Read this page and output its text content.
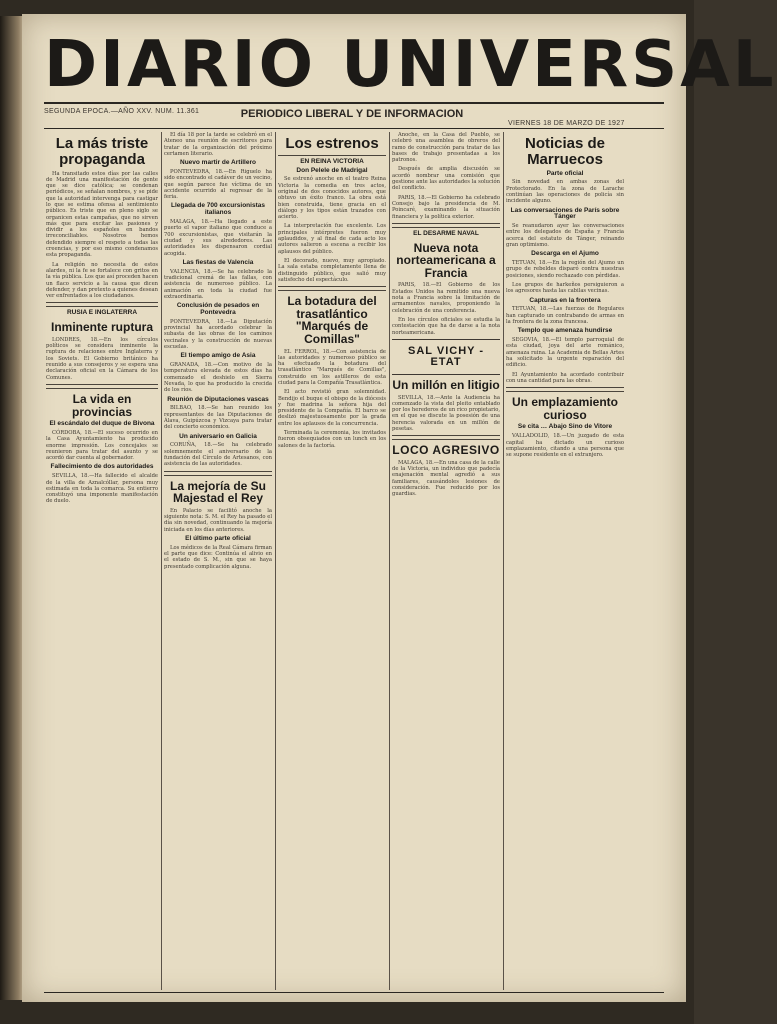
DIARIO UNIVERSAL
SEGUNDA EPOCA.—AÑO XXV. NUM. 11.361	PERIODICO LIBERAL Y DE INFORMACION
VIERNES 18 DE MARZO DE 1927
La más triste propaganda

Ha transitado estos días por las calles de Madrid una manifestación de gente que se dice católica; se condenan periódicos, se señalan nombres, y se pide que la autoridad intervenga para castigar lo que se estima ofensa al sentimiento público. Es triste que en pleno siglo se organicen estas campañas, que no sirven más que para excitar las pasiones y dividir a los españoles en bandos irreconciliables. Nosotros hemos defendido siempre el respeto a todas las creencias, y por eso mismo condenamos esta propaganda.

La religión no necesita de estos alardes, ni la fe se fortalece con gritos en la vía pública. Los que así proceden hacen un flaco servicio a la causa que dicen defender, y dan pretexto a quienes desean ver enfrentados a los ciudadanos.

RUSIA E INGLATERRA
Inminente ruptura

LONDRES, 18.—En los círculos políticos se considera inminente la ruptura de relaciones entre Inglaterra y los Soviets. El Gobierno británico ha reunido a sus consejeros y se espera una declaración oficial en la Cámara de los Comunes.

La vida en provincias
El escándalo del duque de Bivona

CÓRDOBA, 18.—El suceso ocurrido en la Casa Ayuntamiento ha producido enorme impresión. Los concejales se reunieron para tratar del asunto y se acordó dar cuenta al gobernador.

Fallecimiento de dos autoridades

SEVILLA, 18.—Ha fallecido el alcalde de la villa de Aznalcóllar, persona muy estimada en toda la comarca. Su entierro constituyó una imponente manifestación de duelo.

El día 18 por la tarde se celebró en el Ateneo una reunión de escritores para tratar de la organización del próximo certamen literario.

Nuevo martir de Artillero

PONTEVEDRA, 18.—En Riguelo ha sido encontrado el cadáver de un vecino, que según parece fue víctima de un accidente ocurrido al regresar de la feria.

Llegada de 700 excursionistas italianos

MALAGA, 18.—Ha llegado a este puerto el vapor italiano que conduce a 700 excursionistas, que visitarán la ciudad y sus alrededores. Las autoridades les dispensaron cordial acogida.

Las fiestas de Valencia

VALENCIA, 18.—Se ha celebrado la tradicional cremá de las fallas, con asistencia de numeroso público. La animación en toda la ciudad fue extraordinaria.

Conclusión de pesados en Pontevedra

PONTEVEDRA, 18.—La Diputación provincial ha acordado celebrar la subasta de las obras de los caminos vecinales y la construcción de nuevas escuelas.

El tiempo amigo de Asia

GRANADA, 18.—Con motivo de la temperatura elevada de estos días ha comenzado el deshielo en Sierra Nevada, lo que ha producido la crecida de los ríos.

Reunión de Diputaciones vascas

BILBAO, 18.—Se han reunido los representantes de las Diputaciones de Álava, Guipúzcoa y Vizcaya para tratar del concierto económico.

Un aniversario en Galicia

CORUÑA, 18.—Se ha celebrado solemnemente el aniversario de la fundación del Círculo de Artesanos, con asistencia de las autoridades.

La mejoría de Su Majestad el Rey

En Palacio se facilitó anoche la siguiente nota: S. M. el Rey ha pasado el día sin novedad, continuando la mejoría iniciada en los días anteriores.

El último parte oficial

Los médicos de la Real Cámara firman el parte que dice: Continúa el alivio en el estado de S. M., sin que se haya presentado complicación alguna.

Los estrenos
EN REINA VICTORIA
Don Pelele de Madrigal

Se estrenó anoche en el teatro Reina Victoria la comedia en tres actos, original de dos conocidos autores, que obtuvo un éxito franco. La obra está bien construida, tiene gracia en el diálogo y los tipos están trazados con acierto.

La interpretación fue excelente. Los principales intérpretes fueron muy aplaudidos, y al final de cada acto los autores salieron a escena a recibir los aplausos del público.

El decorado, nuevo, muy apropiado. La sala estaba completamente llena de distinguido público, que salió muy satisfecho del espectáculo.

La botadura del trasatlántico "Marqués de Comillas"

EL FERROL, 18.—Con asistencia de las autoridades y numeroso público se ha efectuado la botadura del trasatlántico "Marqués de Comillas", construido en los astilleros de esta ciudad para la Compañía Trasatlántica.

El acto revistió gran solemnidad. Bendijo el buque el obispo de la diócesis y fue madrina la señora hija del presidente de la Compañía. El barco se deslizó majestuosamente por la grada entre los aplausos de la concurrencia.

Terminada la ceremonia, los invitados fueron obsequiados con un lunch en los salones de la factoría.

Anoche, en la Casa del Pueblo, se celebró una asamblea de obreros del ramo de construcción para tratar de las bases de trabajo presentadas a los patronos.

Después de amplia discusión se acordó nombrar una comisión que gestione ante las autoridades la solución del conflicto.

PARIS, 18.—El Gobierno ha celebrado Consejo bajo la presidencia de M. Poincaré, examinando la situación financiera y la política exterior.

EL DESARME NAVAL
Nueva nota norteamericana a Francia

PARIS, 18.—El Gobierno de los Estados Unidos ha remitido una nueva nota a Francia sobre la limitación de armamentos navales, proponiendo la celebración de una conferencia.

En los círculos oficiales se estudia la contestación que ha de darse a la nota norteamericana.

SAL VICHY - ETAT
Un millón en litigio

SEVILLA, 18.—Ante la Audiencia ha comenzado la vista del pleito entablado por los herederos de un rico propietario, en el que se discute la posesión de una herencia valorada en un millón de pesetas.

LOCO AGRESIVO

MALAGA, 18.—En una casa de la calle de la Victoria, un individuo que padecía enajenación mental agredió a sus familiares, causándoles lesiones de consideración. Fue reducido por los guardias.

Noticias de Marruecos
Parte oficial

Sin novedad en ambas zonas del Protectorado. En la zona de Larache continúan las operaciones de policía sin incidente alguno.

Las conversaciones de París sobre Tánger

Se reanudaron ayer las conversaciones entre los delegados de España y Francia acerca del estatuto de Tánger, reinando gran optimismo.

Descarga en el Ajumo

TETUAN, 18.—En la región del Ajumo un grupo de rebeldes disparó contra nuestras posiciones, siendo rechazado con pérdidas.

Los grupos de harkeños persiguieron a los agresores hasta las cabilas vecinas.

Capturas en la frontera

TETUAN, 18.—Las fuerzas de Regulares han capturado un contrabando de armas en la frontera de la zona francesa.

Templo que amenaza hundirse

SEGOVIA, 18.—El templo parroquial de esta ciudad, joya del arte románico, amenaza ruina. La Academia de Bellas Artes ha solicitado la urgente reparación del edificio.

El Ayuntamiento ha acordado contribuir con una cantidad para las obras.

Un emplazamiento curioso
Se cita … Abajo Sino de Vitore

VALLADOLID, 18.—Un juzgado de esta capital ha dictado un curioso emplazamiento, citando a una persona que se supone residente en el extranjero.
